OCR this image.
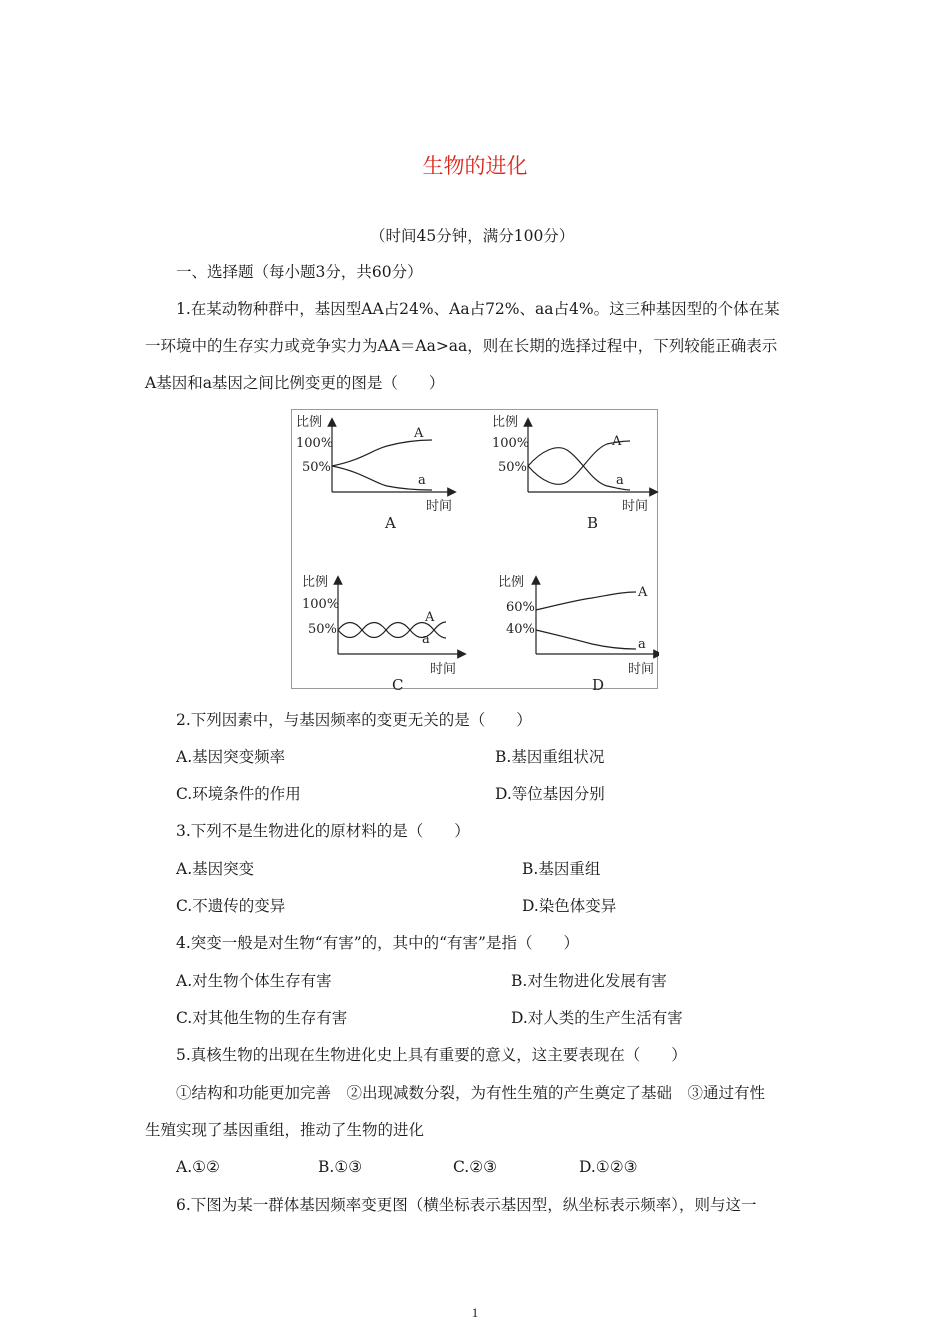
生物的进化
（时间45分钟，满分100分）
一、选择题（每小题3分，共60分）
1.在某动物种群中，基因型AA占24%、Aa占72%、aa占4%。这三种基因型的个体在某
一环境中的生存实力或竞争实力为AA＝Aa>aa，则在长期的选择过程中，下列较能正确表示
A基因和a基因之间比例变更的图是（　　）
比例
100%
50%
A
a
时间
A
比例
100%
50%
A
a
时间
B
比例
100%
50%
A
a
时间
C
比例
60%
40%
A
a
时间
D
2.下列因素中，与基因频率的变更无关的是（　　）
A.基因突变频率	B.基因重组状况
C.环境条件的作用	D.等位基因分别
3.下列不是生物进化的原材料的是（　　）
A.基因突变	B.基因重组
C.不遗传的变异	D.染色体变异
4.突变一般是对生物“有害”的，其中的“有害”是指（　　）
A.对生物个体生存有害	B.对生物进化发展有害
C.对其他生物的生存有害	D.对人类的生产生活有害
5.真核生物的出现在生物进化史上具有重要的意义，这主要表现在（　　）
①结构和功能更加完善　②出现减数分裂，为有性生殖的产生奠定了基础　③通过有性
生殖实现了基因重组，推动了生物的进化
A.①②	B.①③	C.②③	D.①②③
6.下图为某一群体基因频率变更图（横坐标表示基因型，纵坐标表示频率），则与这一
1
